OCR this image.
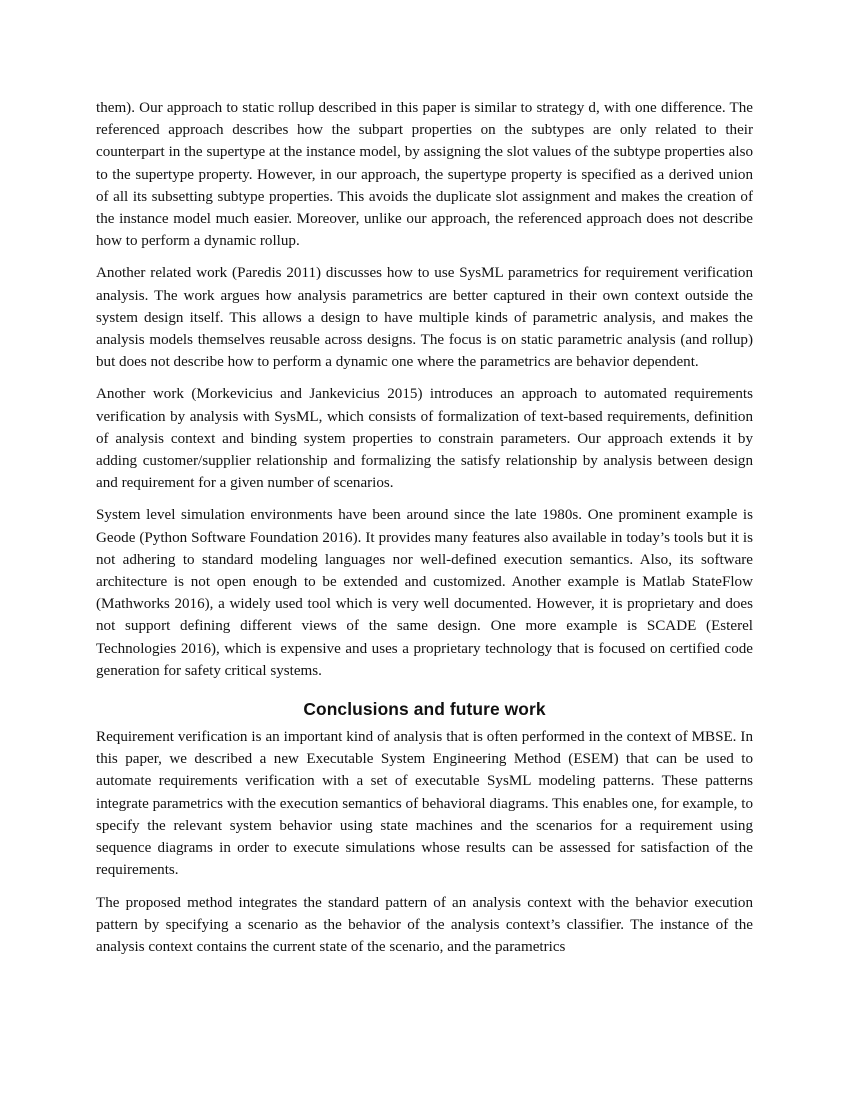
them). Our approach to static rollup described in this paper is similar to strategy d, with one difference. The referenced approach describes how the subpart properties on the subtypes are only related to their counterpart in the supertype at the instance model, by assigning the slot values of the subtype properties also to the supertype property. However, in our approach, the supertype property is specified as a derived union of all its subsetting subtype properties. This avoids the duplicate slot assignment and makes the creation of the instance model much easier. Moreover, unlike our approach, the referenced approach does not describe how to perform a dynamic rollup.

Another related work (Paredis 2011) discusses how to use SysML parametrics for requirement verification analysis. The work argues how analysis parametrics are better captured in their own context outside the system design itself. This allows a design to have multiple kinds of parametric analysis, and makes the analysis models themselves reusable across designs. The focus is on static parametric analysis (and rollup) but does not describe how to perform a dynamic one where the parametrics are behavior dependent.

Another work (Morkevicius and Jankevicius 2015) introduces an approach to automated requirements verification by analysis with SysML, which consists of formalization of text-based requirements, definition of analysis context and binding system properties to constrain parameters. Our approach extends it by adding customer/supplier relationship and formalizing the satisfy relationship by analysis between design and requirement for a given number of scenarios.

System level simulation environments have been around since the late 1980s. One prominent example is Geode (Python Software Foundation 2016). It provides many features also available in today’s tools but it is not adhering to standard modeling languages nor well-defined execution semantics. Also, its software architecture is not open enough to be extended and customized. Another example is Matlab StateFlow (Mathworks 2016), a widely used tool which is very well documented. However, it is proprietary and does not support defining different views of the same design. One more example is SCADE (Esterel Technologies 2016), which is expensive and uses a proprietary technology that is focused on certified code generation for safety critical systems.

Conclusions and future work

Requirement verification is an important kind of analysis that is often performed in the context of MBSE. In this paper, we described a new Executable System Engineering Method (ESEM) that can be used to automate requirements verification with a set of executable SysML modeling patterns. These patterns integrate parametrics with the execution semantics of behavioral diagrams. This enables one, for example, to specify the relevant system behavior using state machines and the scenarios for a requirement using sequence diagrams in order to execute simulations whose results can be assessed for satisfaction of the requirements.

The proposed method integrates the standard pattern of an analysis context with the behavior execution pattern by specifying a scenario as the behavior of the analysis context’s classifier. The instance of the analysis context contains the current state of the scenario, and the parametrics
